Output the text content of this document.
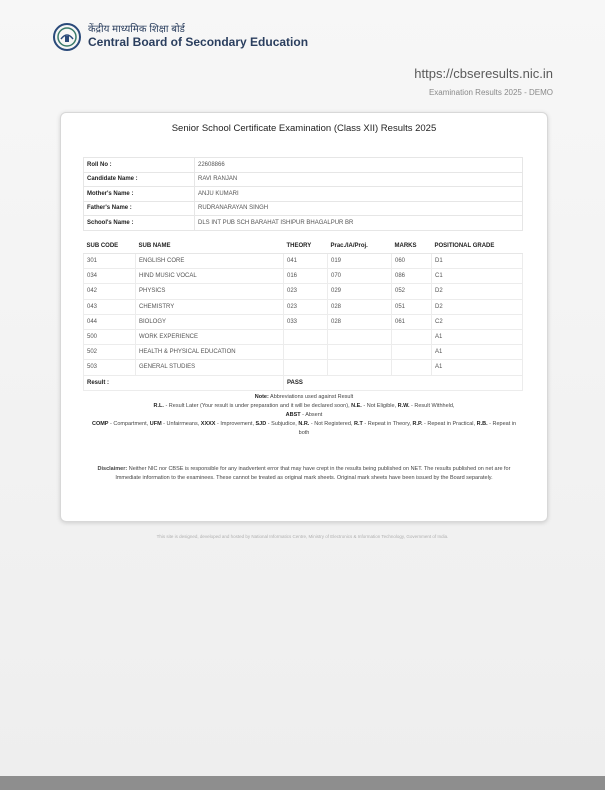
केंद्रीय माध्यमिक शिक्षा बोर्ड
Central Board of Secondary Education
https://cbseresults.nic.in
Examination Results 2025 - DEMO
Senior School Certificate Examination (Class XII) Results 2025
Roll No :	22608866
Candidate Name :	RAVI RANJAN
Mother's Name :	ANJU KUMARI
Father's Name :	RUDRANARAYAN SINGH
School's Name :	DLS INT PUB SCH BARAHAT ISHIPUR BHAGALPUR BR
SUB CODE	SUB NAME	THEORY	Prac./IA/Proj.	MARKS	POSITIONAL GRADE
301	ENGLISH CORE	041	019	060	D1
034	HIND MUSIC VOCAL	016	070	086	C1
042	PHYSICS	023	029	052	D2
043	CHEMISTRY	023	028	051	D2
044	BIOLOGY	033	028	061	C2
500	WORK EXPERIENCE				A1
502	HEALTH & PHYSICAL EDUCATION				A1
503	GENERAL STUDIES				A1
Result :		PASS			
Note: Abbreviations used against Result
R.L. - Result Later (Your result is under preparation and it will be declared soon), N.E. - Not Eligible, R.W. - Result Withheld,
ABST - Absent
COMP - Compartment, UFM - Unfairmeans, XXXX - Improvement, SJD - Subjudice, N.R. - Not Registered, R.T - Repeat in Theory, R.P. - Repeat in Practical, R.B. - Repeat in both
Disclaimer: Neither NIC nor CBSE is responsible for any inadvertent error that may have crept in the results being published on NET. The results published on net are for Immediate information to the examinees. These cannot be treated as original mark sheets. Original mark sheets have been issued by the Board separately.
This site is designed, developed and hosted by National Informatics Centre, Ministry of Electronics & Information Technology, Government of India.
